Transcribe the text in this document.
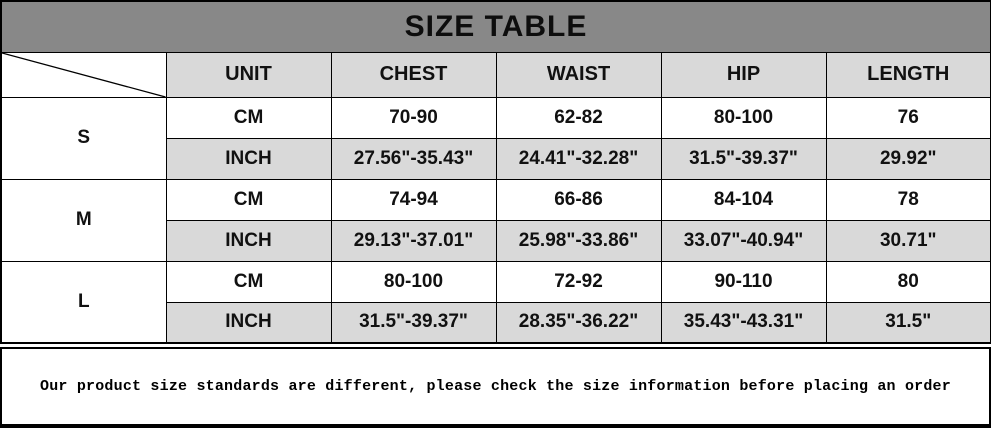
SIZE TABLE					

	UNIT	CHEST	WAIST	HIP	LENGTH
S	CM	70-90	62-82	80-100	76
	INCH	27.56"-35.43"	24.41"-32.28"	31.5"-39.37"	29.92"
M	CM	74-94	66-86	84-104	78
	INCH	29.13"-37.01"	25.98"-33.86"	33.07"-40.94"	30.71"
L	CM	80-100	72-92	90-110	80
	INCH	31.5"-39.37"	28.35"-36.22"	35.43"-43.31"	31.5"
Our product size standards are different, please check the size information before placing an order
